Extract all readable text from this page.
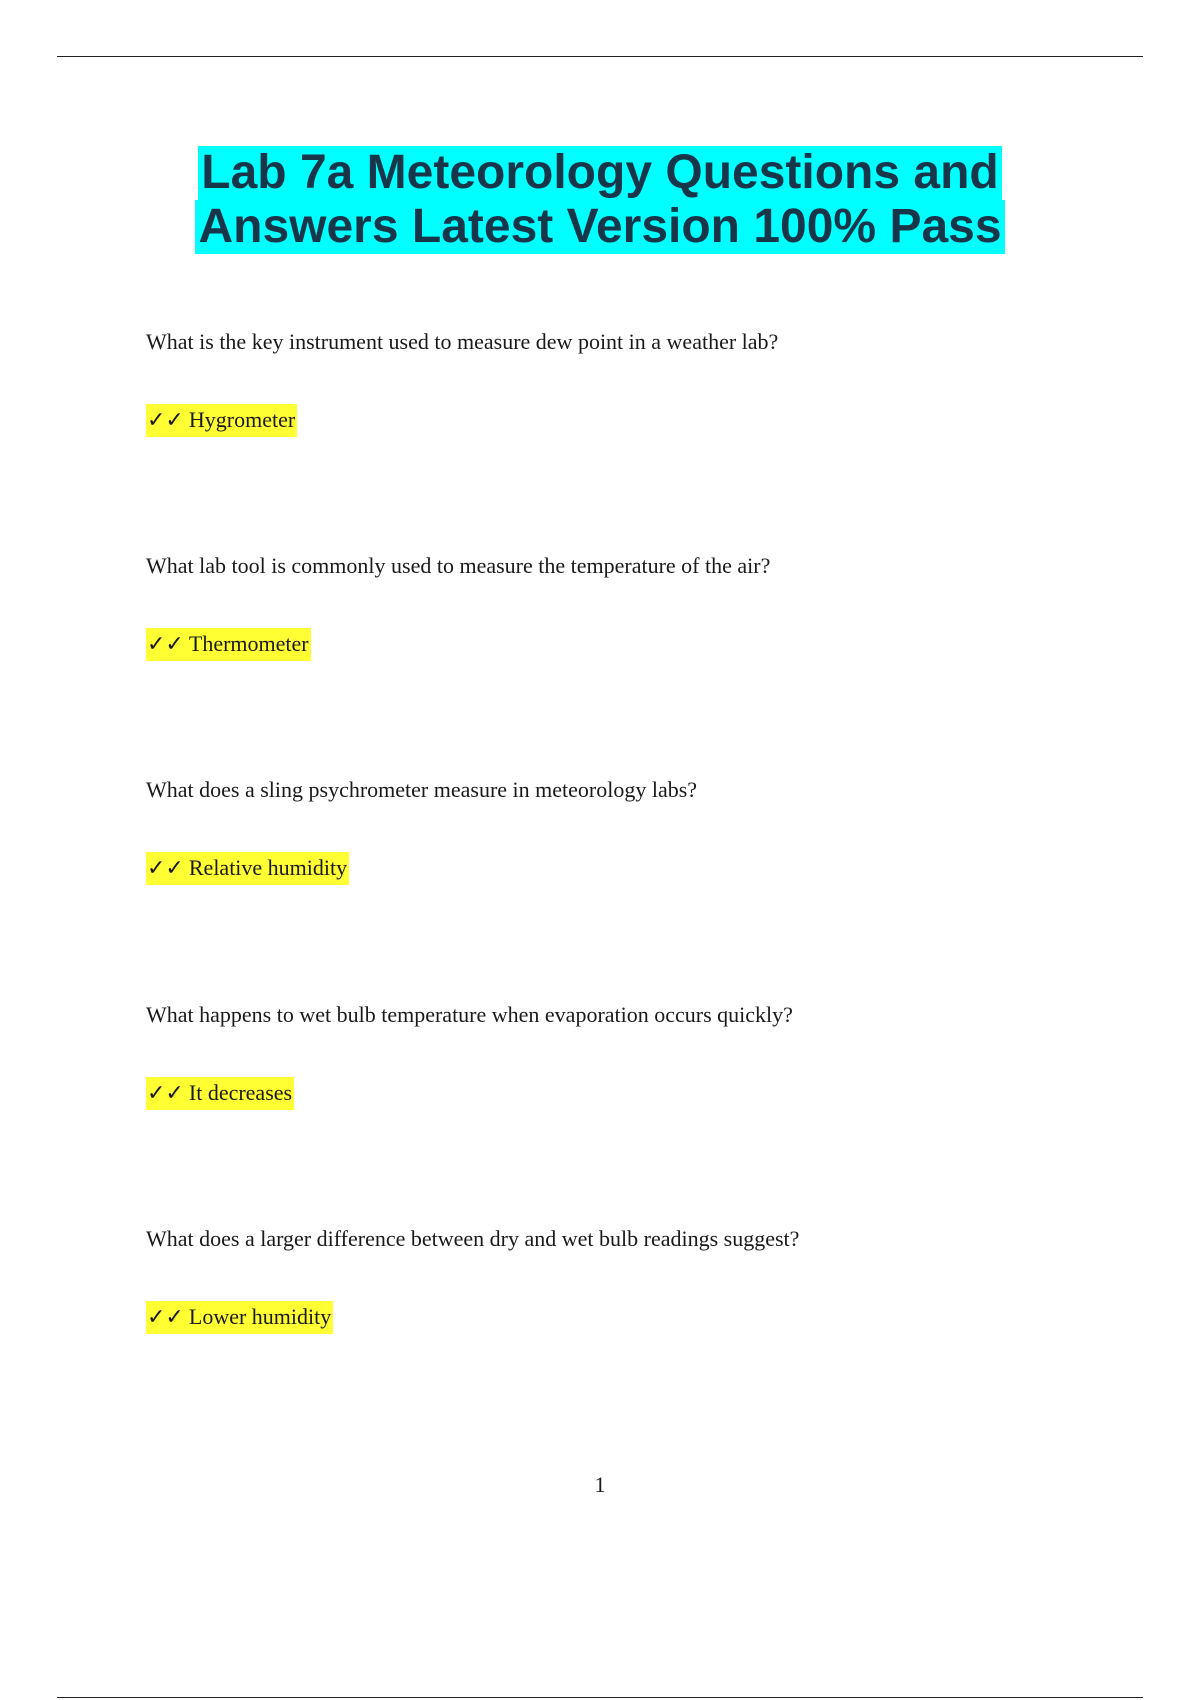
Lab 7a Meteorology Questions and
Answers Latest Version 100% Pass

What is the key instrument used to measure dew point in a weather lab?

✓✓ Hygrometer

What lab tool is commonly used to measure the temperature of the air?

✓✓ Thermometer

What does a sling psychrometer measure in meteorology labs?

✓✓ Relative humidity

What happens to wet bulb temperature when evaporation occurs quickly?

✓✓ It decreases

What does a larger difference between dry and wet bulb readings suggest?

✓✓ Lower humidity
1
